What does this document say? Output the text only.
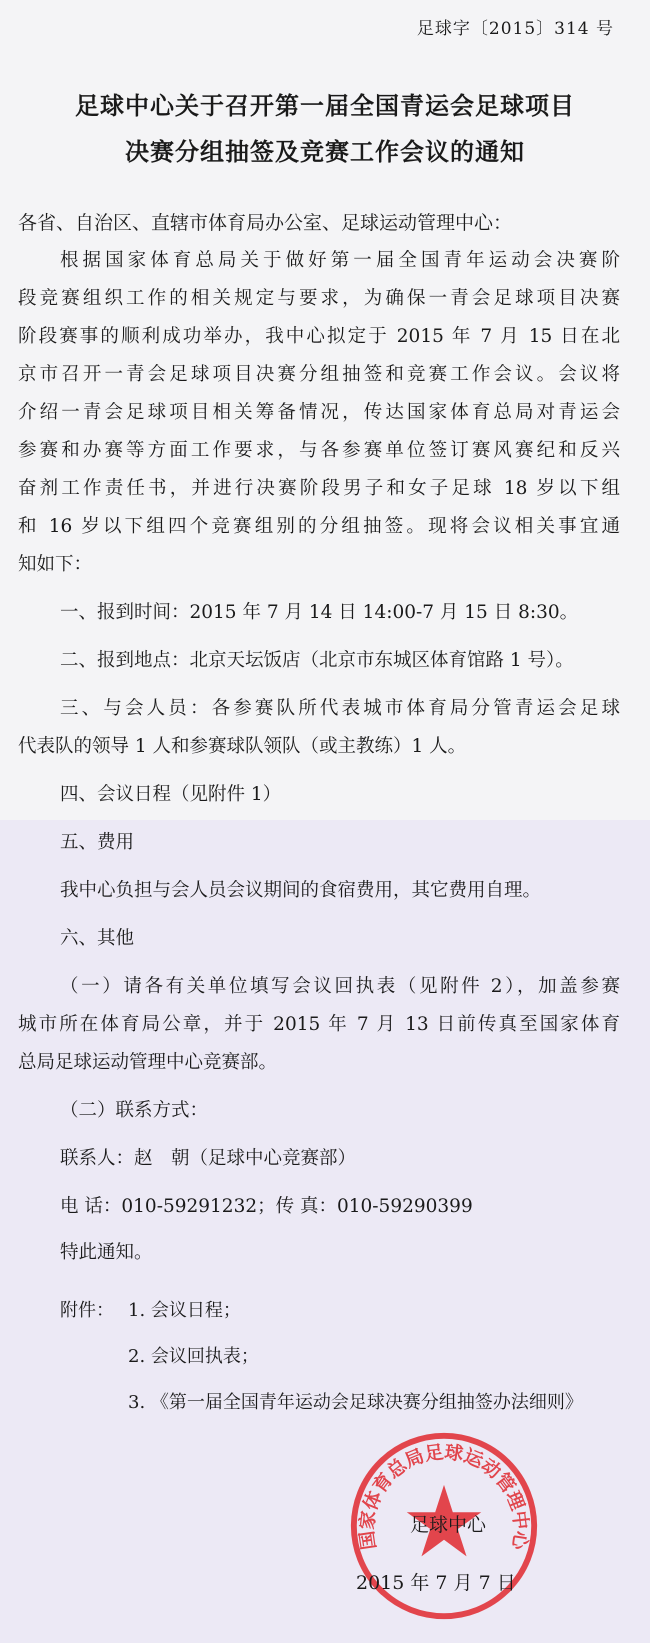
足球字〔2015〕314 号
足球中心关于召开第一届全国青运会足球项目
决赛分组抽签及竞赛工作会议的通知
各省、自治区、直辖市体育局办公室、足球运动管理中心：
根据国家体育总局关于做好第一届全国青年运动会决赛阶
段竞赛组织工作的相关规定与要求，为确保一青会足球项目决赛
阶段赛事的顺利成功举办，我中心拟定于 2015 年 7 月 15 日在北
京市召开一青会足球项目决赛分组抽签和竞赛工作会议。会议将
介绍一青会足球项目相关筹备情况，传达国家体育总局对青运会
参赛和办赛等方面工作要求，与各参赛单位签订赛风赛纪和反兴
奋剂工作责任书，并进行决赛阶段男子和女子足球 18 岁以下组
和 16 岁以下组四个竞赛组别的分组抽签。现将会议相关事宜通
知如下：
一、报到时间：2015 年 7 月 14 日 14:00-7 月 15 日 8:30。
二、报到地点：北京天坛饭店（北京市东城区体育馆路 1 号）。
三、与会人员：各参赛队所代表城市体育局分管青运会足球
代表队的领导 1 人和参赛球队领队（或主教练）1 人。
四、会议日程（见附件 1）
五、费用
我中心负担与会人员会议期间的食宿费用，其它费用自理。
六、其他
（一）请各有关单位填写会议回执表（见附件 2），加盖参赛
城市所在体育局公章，并于 2015 年 7 月 13 日前传真至国家体育
总局足球运动管理中心竞赛部。
（二）联系方式：
联系人：赵　朝（足球中心竞赛部）
电 话：010-59291232；传 真：010-59290399
特此通知。
附件： 1. 会议日程；
2. 会议回执表；
3. 《第一届全国青年运动会足球决赛分组抽签办法细则》
国家体育总局足球运动管理中心
足球中心
2015 年 7 月 7 日
